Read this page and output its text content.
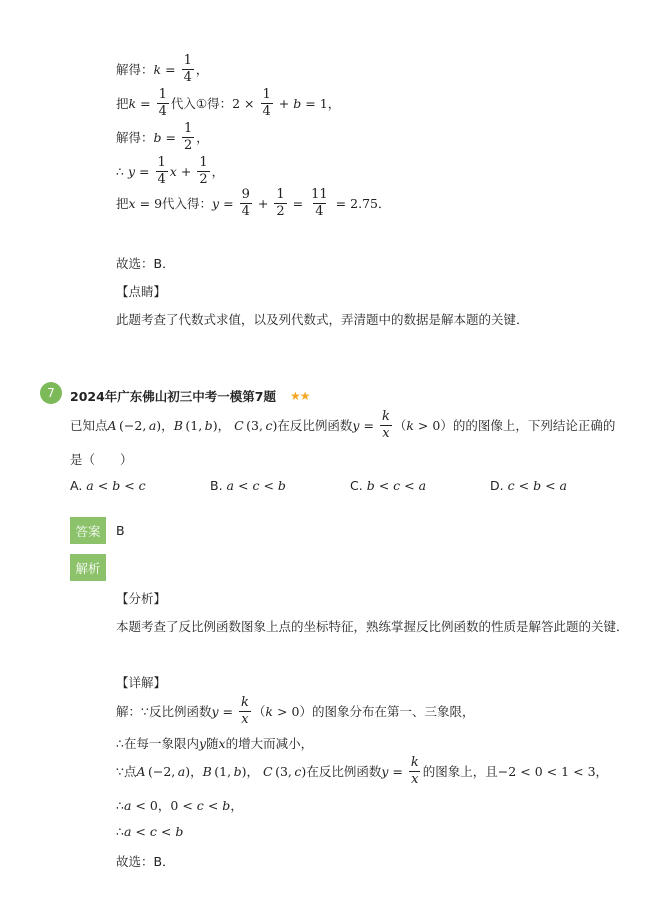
解得： $k = \frac{1}{4}$ ，
把 $k = \frac{1}{4}$ 代入①得： $2 \times \frac{1}{4} + b = 1$ ，
解得： $b = \frac{1}{2}$ ，
∴ $y = \frac{1}{4}$ $x + \frac{1}{2}$ ，
把 x = 9 代入得： $y = \frac{9}{4} + \frac{1}{2} = \frac{11}{4} = 2.75$ ．
故选：B．
【点睛】
此题考查了代数式求值，以及列代数式，弄清题中的数据是解本题的关键．
7	2024年广东佛山初三中考一模第7题 ★★
已知点 A  (−2,  a ) ， B  (1,  b ) ， C  (3,  c ) 在反比例函数 $y = \frac{k}{x}$ （ k > 0 ） 的的图像上，下列结论正确的
是（　　）
A. a < b < c	B. a < c < b	C. b < c < a	D. c < b < a
答案	B
解析
【分析】
本题考查了反比例函数图象上点的坐标特征，熟练掌握反比例函数的性质是解答此题的关键．
【详解】
解：∵反比例函数 $y = \frac{k}{x}$ （ k > 0 ） 的图象分布在第一、三象限，
∴在每一象限内 y 随 x 的增大而减小，
∵点 A  (−2,  a ) ， B  (1,  b ) ， C  (3,  c ) 在反比例函数 $y = \frac{k}{x}$ 的图象上，且 −2 < 0 < 1 < 3 ，
∴ a < 0 ， 0 < c < b ，
∴ a < c < b
故选：B．
